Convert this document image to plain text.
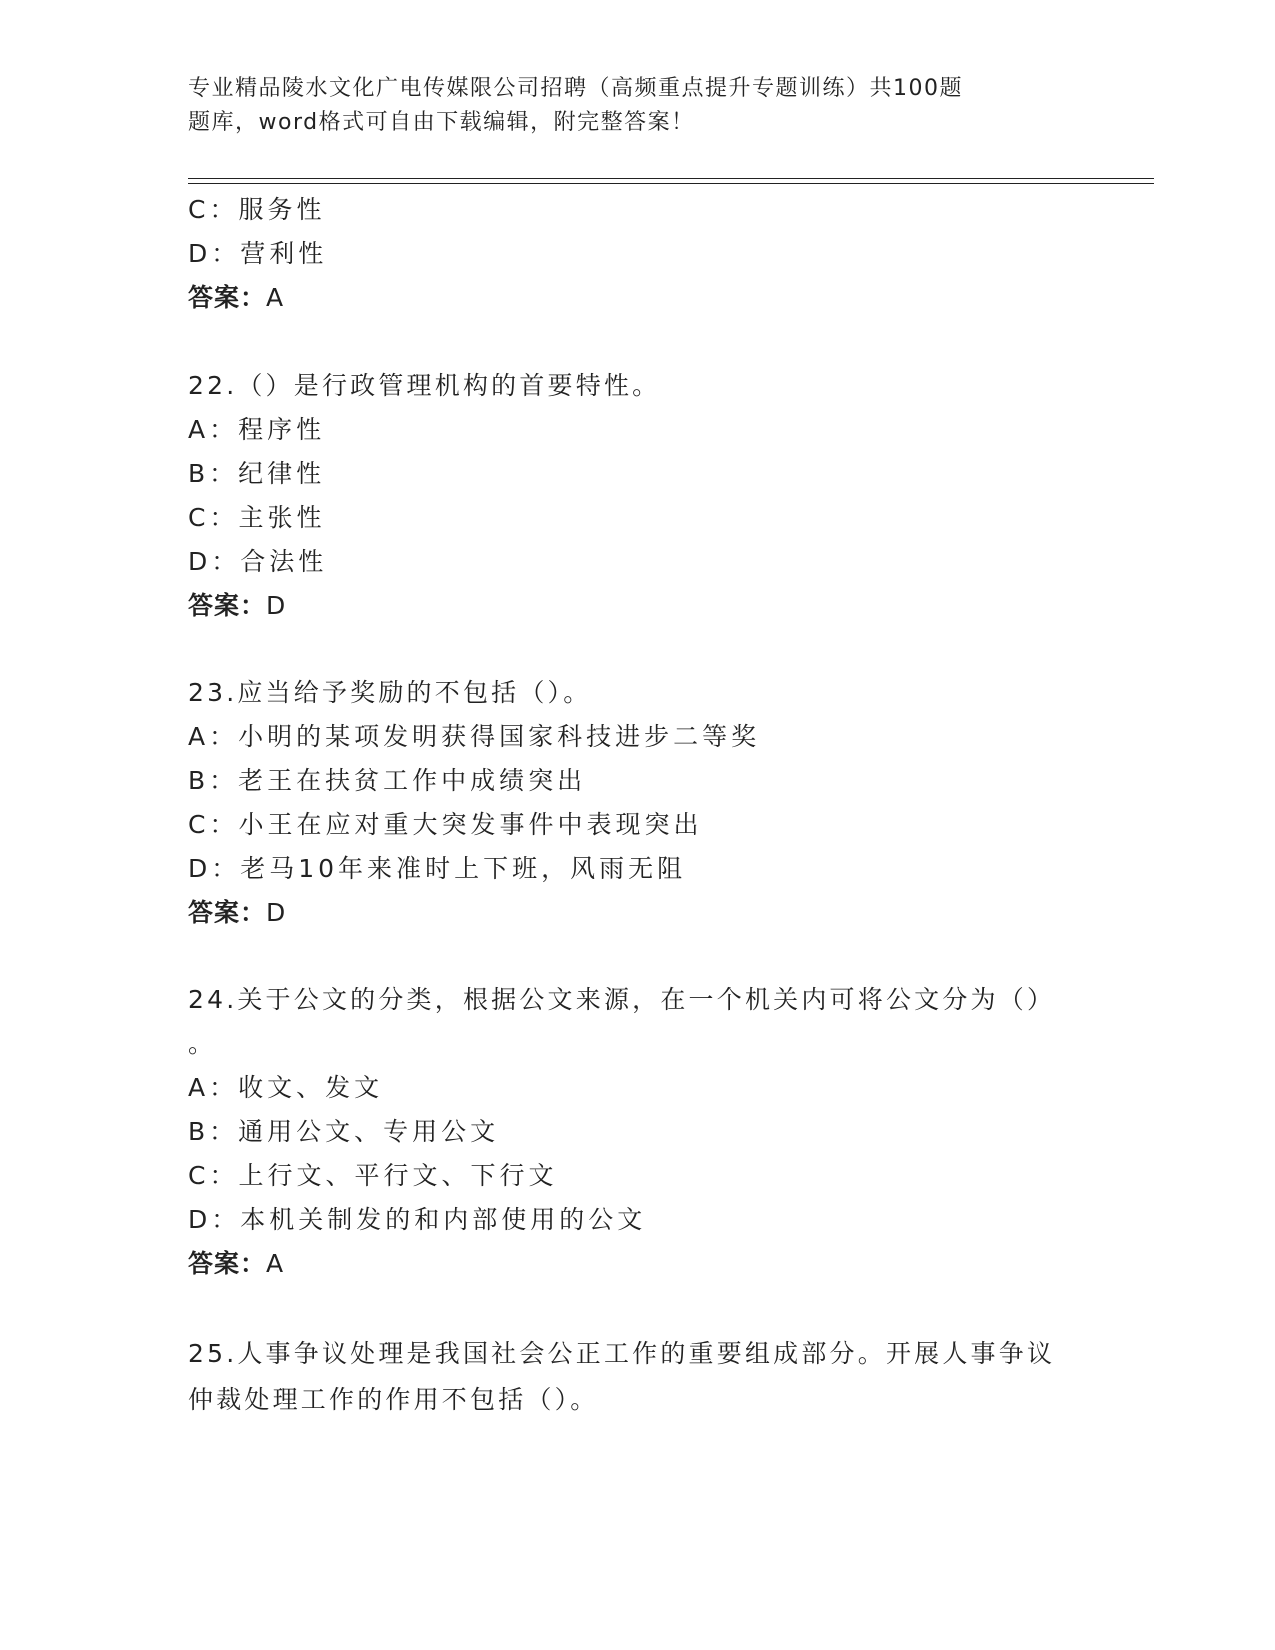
专业精品陵水文化广电传媒限公司招聘（高频重点提升专题训练）共100题
题库，word格式可自由下载编辑，附完整答案！
C：服务性
D：营利性
答案：A
22.（）是行政管理机构的首要特性。
A：程序性
B：纪律性
C：主张性
D：合法性
答案：D
23.应当给予奖励的不包括（）。
A：小明的某项发明获得国家科技进步二等奖
B：老王在扶贫工作中成绩突出
C：小王在应对重大突发事件中表现突出
D：老马10年来准时上下班，风雨无阻
答案：D
24.关于公文的分类，根据公文来源，在一个机关内可将公文分为（）
。
A：收文、发文
B：通用公文、专用公文
C：上行文、平行文、下行文
D：本机关制发的和内部使用的公文
答案：A
25.人事争议处理是我国社会公正工作的重要组成部分。开展人事争议
仲裁处理工作的作用不包括（）。
